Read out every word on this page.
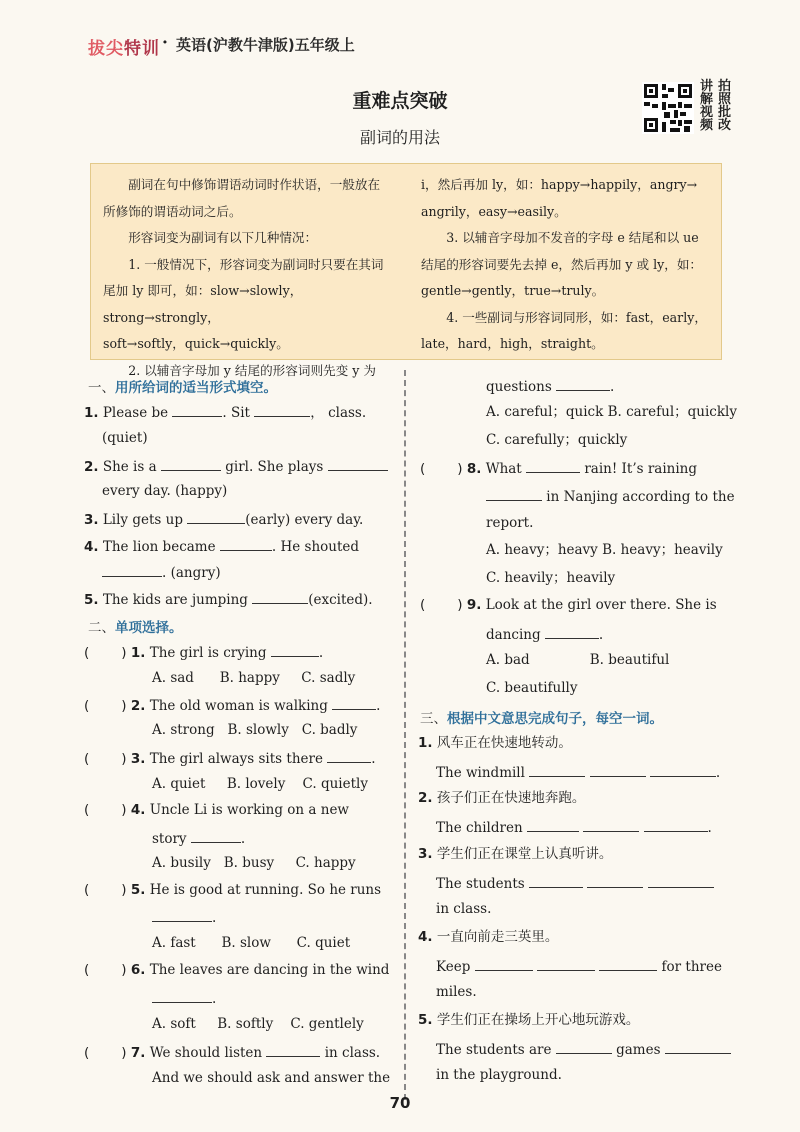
拔尖特训 · 英语(沪教牛津版)五年级上
重难点突破
副词的用法
讲 拍
解 照
视 批
频 改

副词在句中修饰谓语动词时作状语，一般放在

所修饰的谓语动词之后。

形容词变为副词有以下几种情况：

1. 一般情况下，形容词变为副词时只要在其词

尾加 ly 即可，如：slow→slowly，strong→strongly，

soft→softly，quick→quickly。

2. 以辅音字母加 y 结尾的形容词则先变 y 为

i，然后再加 ly，如：happy→happily，angry→

angrily，easy→easily。

3. 以辅音字母加不发音的字母 e 结尾和以 ue

结尾的形容词要先去掉 e，然后再加 y 或 ly，如：

gentle→gently，true→truly。

4. 一些副词与形容词同形，如：fast，early，

late，hard，high，straight。

一、用所给词的适当形式填空。
1. Please be	. Sit	， class.
(quiet)
2. She is a	girl. She plays
every day. (happy)
3. Lily gets up	(early) every day.
4. The lion became	. He shouted
. (angry)
5. The kids are jumping	(excited).
二、单项选择。
( ) 1. The girl is crying	.
A. sad      B. happy     C. sadly
( ) 2. The old woman is walking	.
A. strong   B. slowly   C. badly
( ) 3. The girl always sits there	.
A. quiet     B. lovely    C. quietly
( ) 4. Uncle Li is working on a new
story	.
A. busily   B. busy     C. happy
( ) 5. He is good at running. So he runs
.
A. fast      B. slow      C. quiet
( ) 6. The leaves are dancing in the wind
.
A. soft     B. softly    C. gentlely
( ) 7. We should listen	in class.
And we should ask and answer the
questions	.
A. careful；quick B. careful；quickly
C. carefully；quickly
( ) 8. What	rain! It’s raining
in Nanjing according to the
report.
A. heavy；heavy B. heavy；heavily
C. heavily；heavily
( ) 9. Look at the girl over there. She is
dancing	.
A. bad              B. beautiful
C. beautifully
三、根据中文意思完成句子，每空一词。
1. 风车正在快速地转动。
The windmill	.
2. 孩子们正在快速地奔跑。
The children	.
3. 学生们正在课堂上认真听讲。
The students
in class.
4. 一直向前走三英里。
Keep	for three
miles.
5. 学生们正在操场上开心地玩游戏。
The students are	games
in the playground.
70
